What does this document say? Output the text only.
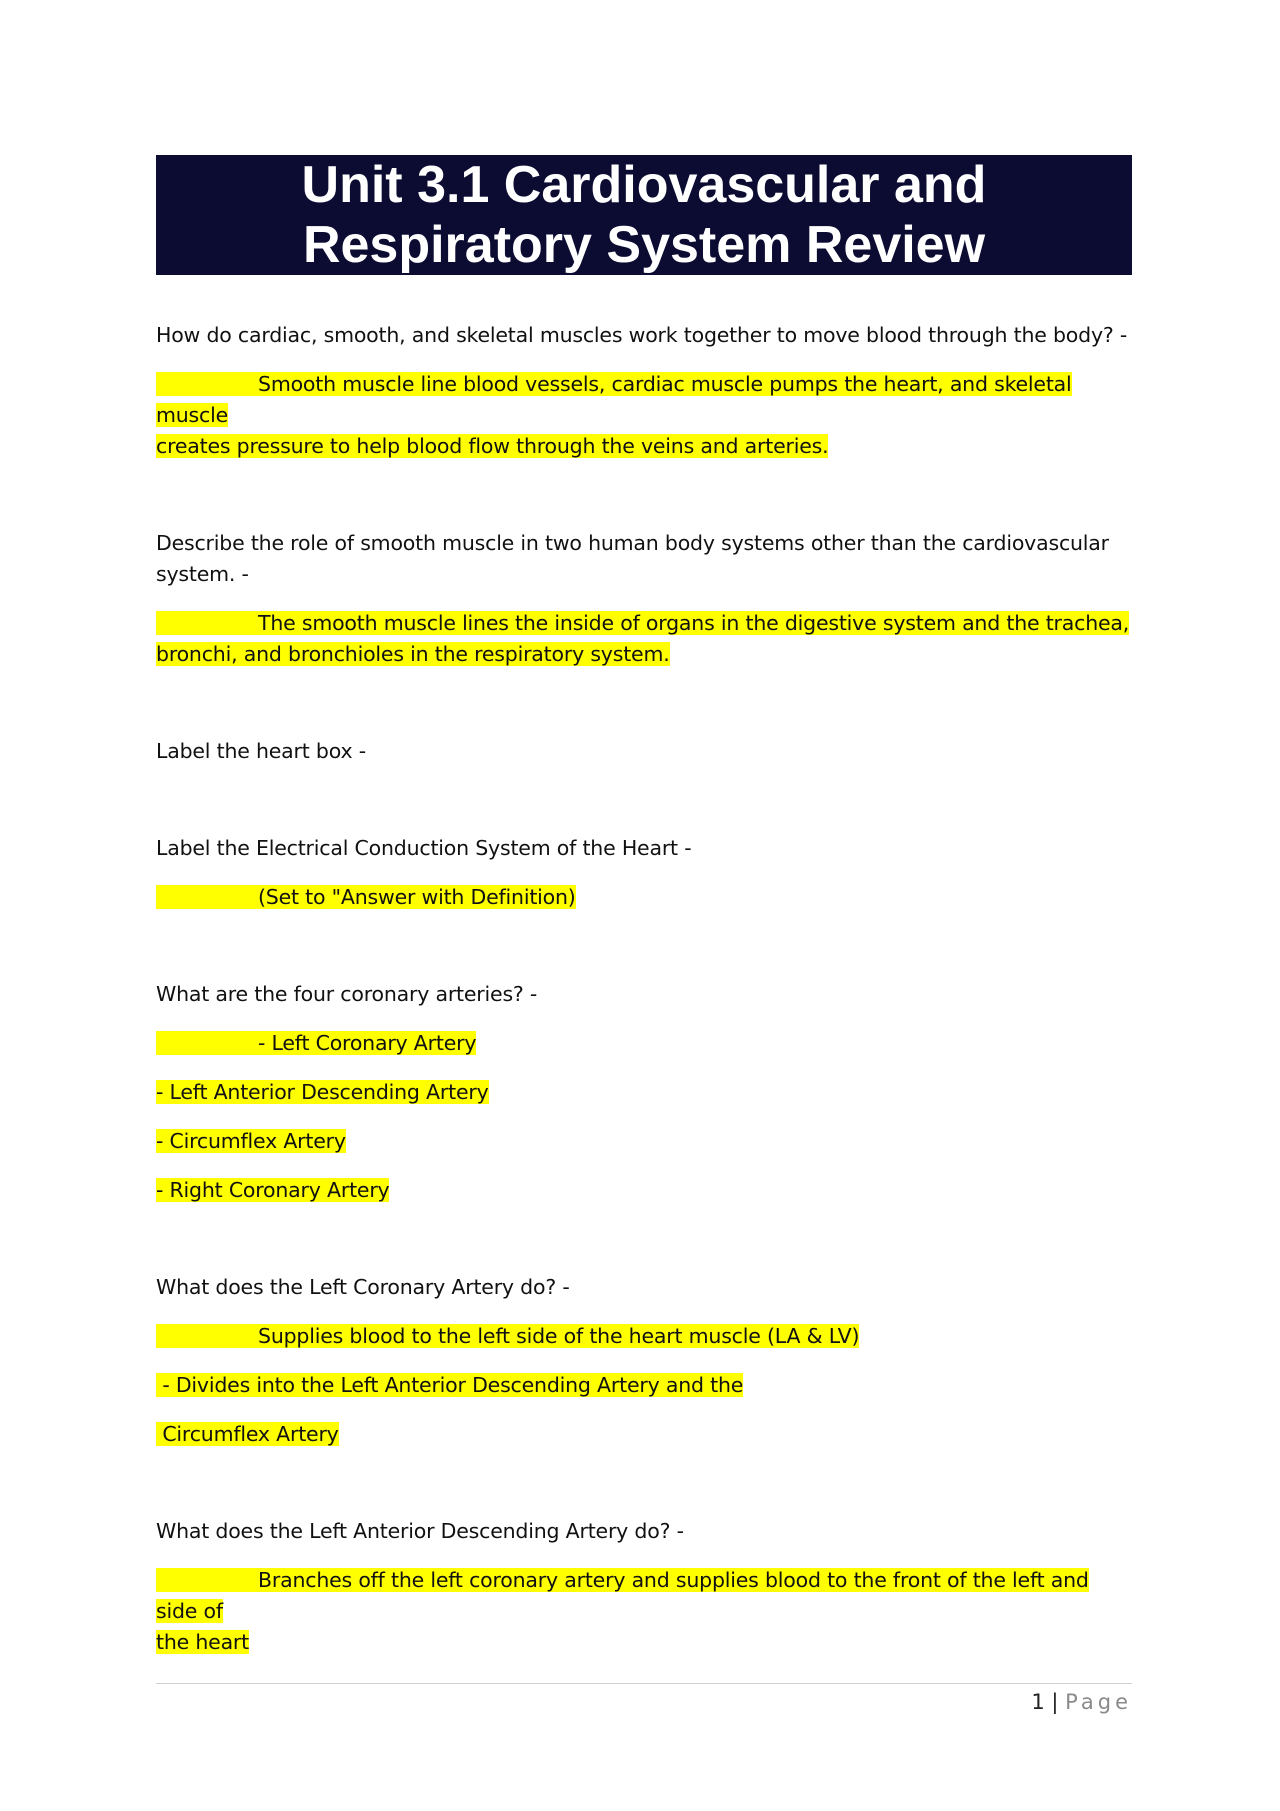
Unit 3.1 Cardiovascular and
Respiratory System Review

How do cardiac, smooth, and skeletal muscles work together to move blood through the body? -

Smooth muscle line blood vessels, cardiac muscle pumps the heart, and skeletal muscle
creates pressure to help blood flow through the veins and arteries.

Describe the role of smooth muscle in two human body systems other than the cardiovascular
system. -

The smooth muscle lines the inside of organs in the digestive system and the trachea,
bronchi, and bronchioles in the respiratory system.

Label the heart box -

Label the Electrical Conduction System of the Heart -

(Set to "Answer with Definition)

What are the four coronary arteries? -

- Left Coronary Artery

- Left Anterior Descending Artery

- Circumflex Artery

- Right Coronary Artery

What does the Left Coronary Artery do? -

Supplies blood to the left side of the heart muscle (LA & LV)

- Divides into the Left Anterior Descending Artery and the

Circumflex Artery

What does the Left Anterior Descending Artery do? -

Branches off the left coronary artery and supplies blood to the front of the left and side of
the heart

1 | Page
